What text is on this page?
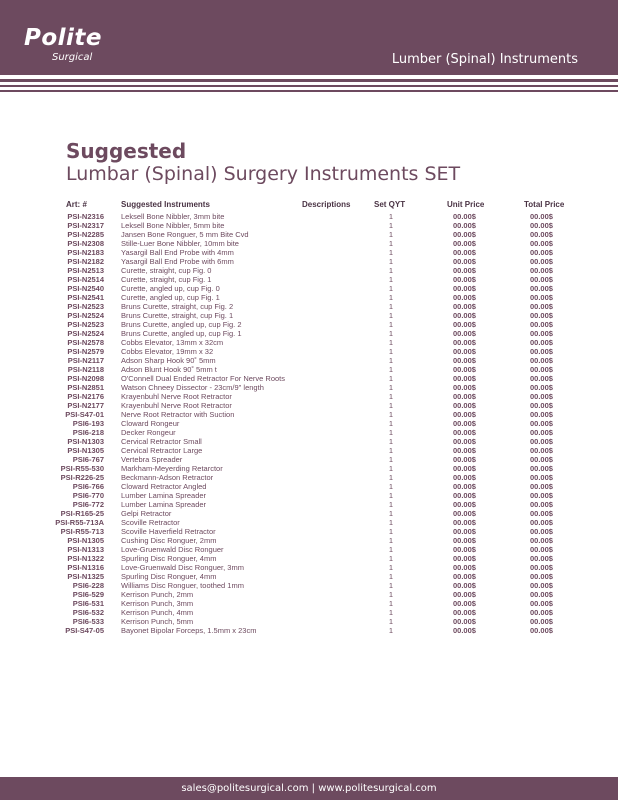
Polite
Surgical	Lumber (Spinal) Instruments
Suggested
Lumbar (Spinal) Surgery Instruments SET
Art: #	Suggested Instruments	Descriptions	Set QYT	Unit Price	Total Price
PSI-N2316 Leksell Bone Nibbler, 3mm bite	1	00.00$	00.00$
PSI-N2317 Leksell Bone Nibbler, 5mm bite	1	00.00$	00.00$
PSI-N2285 Jansen Bone Ronguer, 5 mm Bite Cvd	1	00.00$	00.00$
PSI-N2308 Stille-Luer Bone Nibbler, 10mm bite	1	00.00$	00.00$
PSI-N2183 Yasargil Ball End Probe with 4mm	1	00.00$	00.00$
PSI-N2182 Yasargil Ball End Probe with 6mm	1	00.00$	00.00$
PSI-N2513 Curette, straight, cup Fig. 0	1	00.00$	00.00$
PSI-N2514 Curette, straight, cup Fig. 1	1	00.00$	00.00$
PSI-N2540 Curette, angled up, cup Fig. 0	1	00.00$	00.00$
PSI-N2541 Curette, angled up, cup Fig. 1	1	00.00$	00.00$
PSI-N2523 Bruns Curette, straight, cup Fig. 2	1	00.00$	00.00$
PSI-N2524 Bruns Curette, straight, cup Fig. 1	1	00.00$	00.00$
PSI-N2523 Bruns Curette, angled up, cup Fig. 2	1	00.00$	00.00$
PSI-N2524 Bruns Curette, angled up, cup Fig. 1	1	00.00$	00.00$
PSI-N2578 Cobbs Elevator, 13mm x 32cm	1	00.00$	00.00$
PSI-N2579 Cobbs Elevator, 19mm x 32	1	00.00$	00.00$
PSI-N2117 Adson Sharp Hook 90˚ 5mm	1	00.00$	00.00$
PSI-N2118 Adson Blunt Hook 90˚ 5mm t	1	00.00$	00.00$
PSI-N2098 O'Connell Dual Ended Retractor For Nerve Roots	1	00.00$	00.00$
PSI-N2851 Watson Chneey Dissector - 23cm/9" length	1	00.00$	00.00$
PSI-N2176 Krayenbuhl Nerve Root Retractor	1	00.00$	00.00$
PSI-N2177 Krayenbuhl Nerve Root Retractor	1	00.00$	00.00$
PSI-S47-01 Nerve Root Retractor with Suction	1	00.00$	00.00$
PSI6-193 Cloward Rongeur	1	00.00$	00.00$
PSI6-218 Decker Rongeur	1	00.00$	00.00$
PSI-N1303 Cervical Retractor Small	1	00.00$	00.00$
PSI-N1305 Cervical Retractor Large	1	00.00$	00.00$
PSI6-767 Vertebra Spreader	1	00.00$	00.00$
PSI-R55-530 Markham-Meyerding Retarctor	1	00.00$	00.00$
PSI-R226-25 Beckmann-Adson Retractor	1	00.00$	00.00$
PSI6-766 Cloward Retractor Angled	1	00.00$	00.00$
PSI6-770 Lumber Lamina Spreader	1	00.00$	00.00$
PSI6-772 Lumber Lamina Spreader	1	00.00$	00.00$
PSI-R165-25 Gelpi Retractor	1	00.00$	00.00$
PSI-R55-713A Scoville Retractor	1	00.00$	00.00$
PSI-R55-713 Scoville Haverfield Retractor	1	00.00$	00.00$
PSI-N1305 Cushing Disc Ronguer, 2mm	1	00.00$	00.00$
PSI-N1313 Love-Gruenwald Disc Ronguer	1	00.00$	00.00$
PSI-N1322 Spurling Disc Ronguer, 4mm	1	00.00$	00.00$
PSI-N1316 Love-Gruenwald Disc Ronguer, 3mm	1	00.00$	00.00$
PSI-N1325 Spurling Disc Ronguer, 4mm	1	00.00$	00.00$
PSI6-228 Williams Disc Ronguer, toothed 1mm	1	00.00$	00.00$
PSI6-529 Kerrison Punch, 2mm	1	00.00$	00.00$
PSI6-531 Kerrison Punch, 3mm	1	00.00$	00.00$
PSI6-532 Kerrison Punch, 4mm	1	00.00$	00.00$
PSI6-533 Kerrison Punch, 5mm	1	00.00$	00.00$
PSI-S47-05 Bayonet Bipolar Forceps, 1.5mm x 23cm	1	00.00$	00.00$
sales@politesurgical.com | www.politesurgical.com
